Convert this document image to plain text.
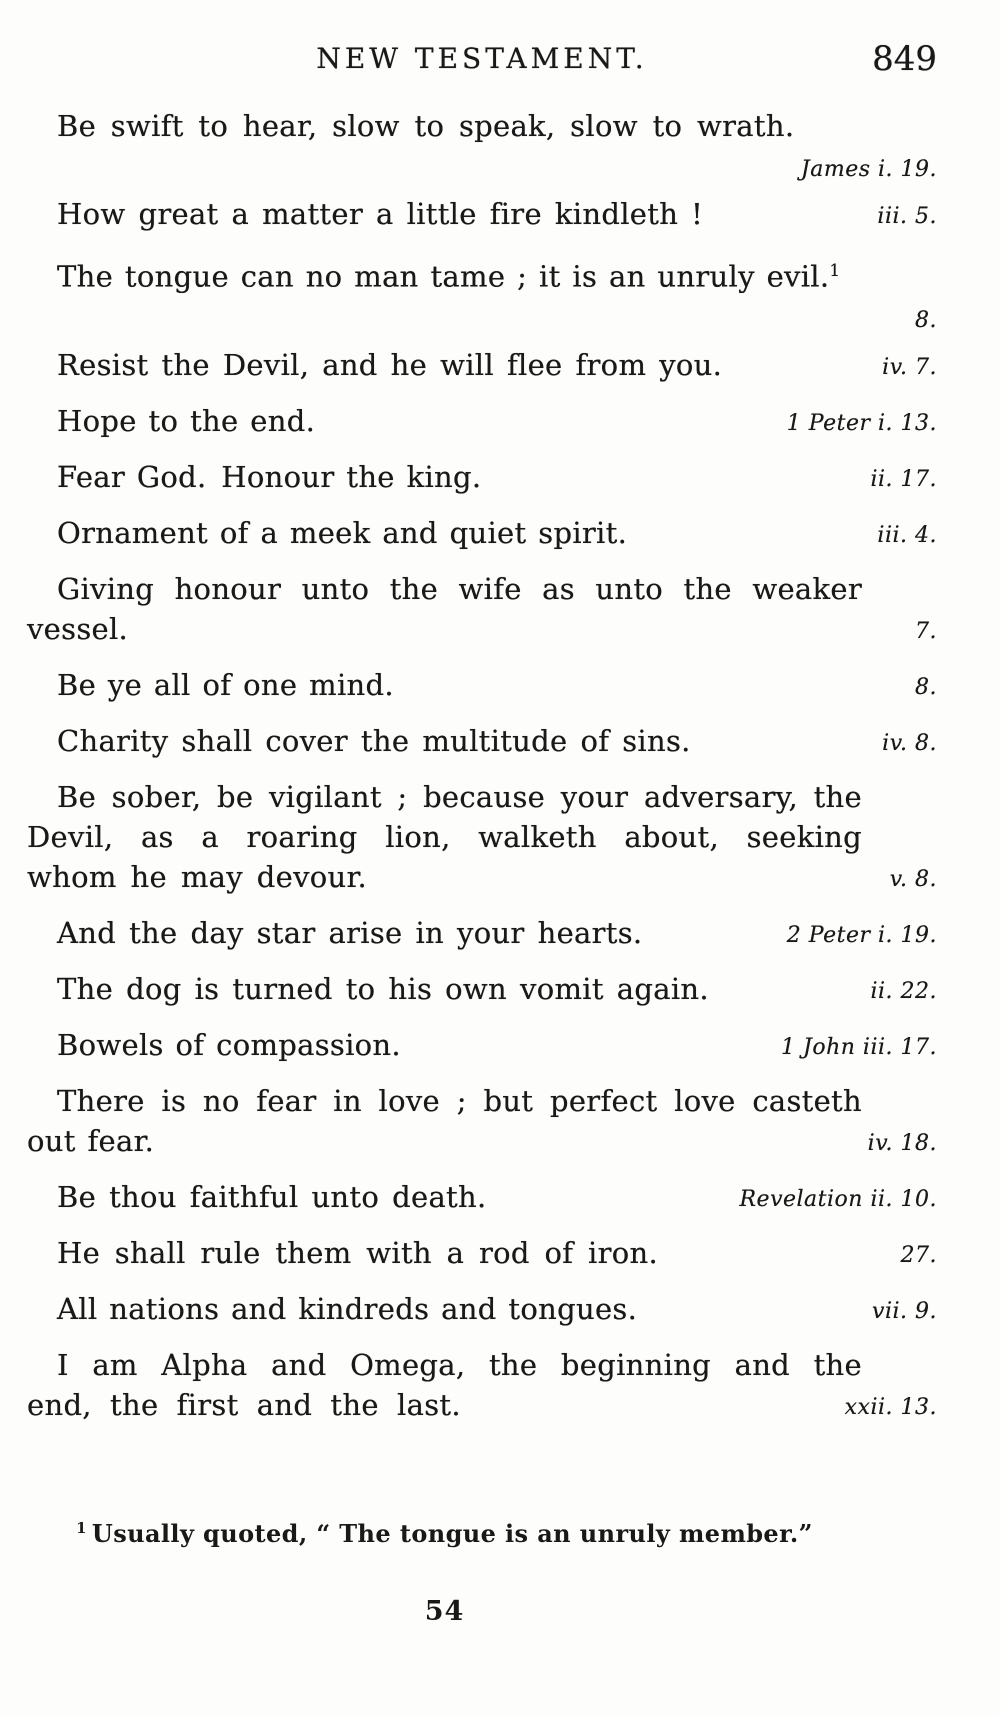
NEW TESTAMENT.	849

Be swift to hear, slow to speak, slow to wrath.
James i. 19.

How great a matter a little fire kindleth !	iii. 5.

The tongue can no man tame ; it is an unruly evil.$^1$
8.

Resist the Devil, and he will flee from you.	iv. 7.

Hope to the end.	1 Peter i. 13.

Fear God. Honour the king.	ii. 17.

Ornament of a meek and quiet spirit.	iii. 4.

Giving honour unto the wife as unto the weaker vessel.	7.

Be ye all of one mind.	8.

Charity shall cover the multitude of sins.	iv. 8.

Be sober, be vigilant ; because your adversary, the Devil, as a roaring lion, walketh about, seeking whom he may devour.	v. 8.

And the day star arise in your hearts.	2 Peter i. 19.

The dog is turned to his own vomit again.	ii. 22.

Bowels of compassion.	1 John iii. 17.

There is no fear in love ; but perfect love casteth out fear.	iv. 18.

Be thou faithful unto death.	Revelation ii. 10.

He shall rule them with a rod of iron.	27.

All nations and kindreds and tongues.	vii. 9.

I am Alpha and Omega, the beginning and the end, the first and the last.	xxii. 13.

$^1$ Usually quoted, “ The tongue is an unruly member.”
54
